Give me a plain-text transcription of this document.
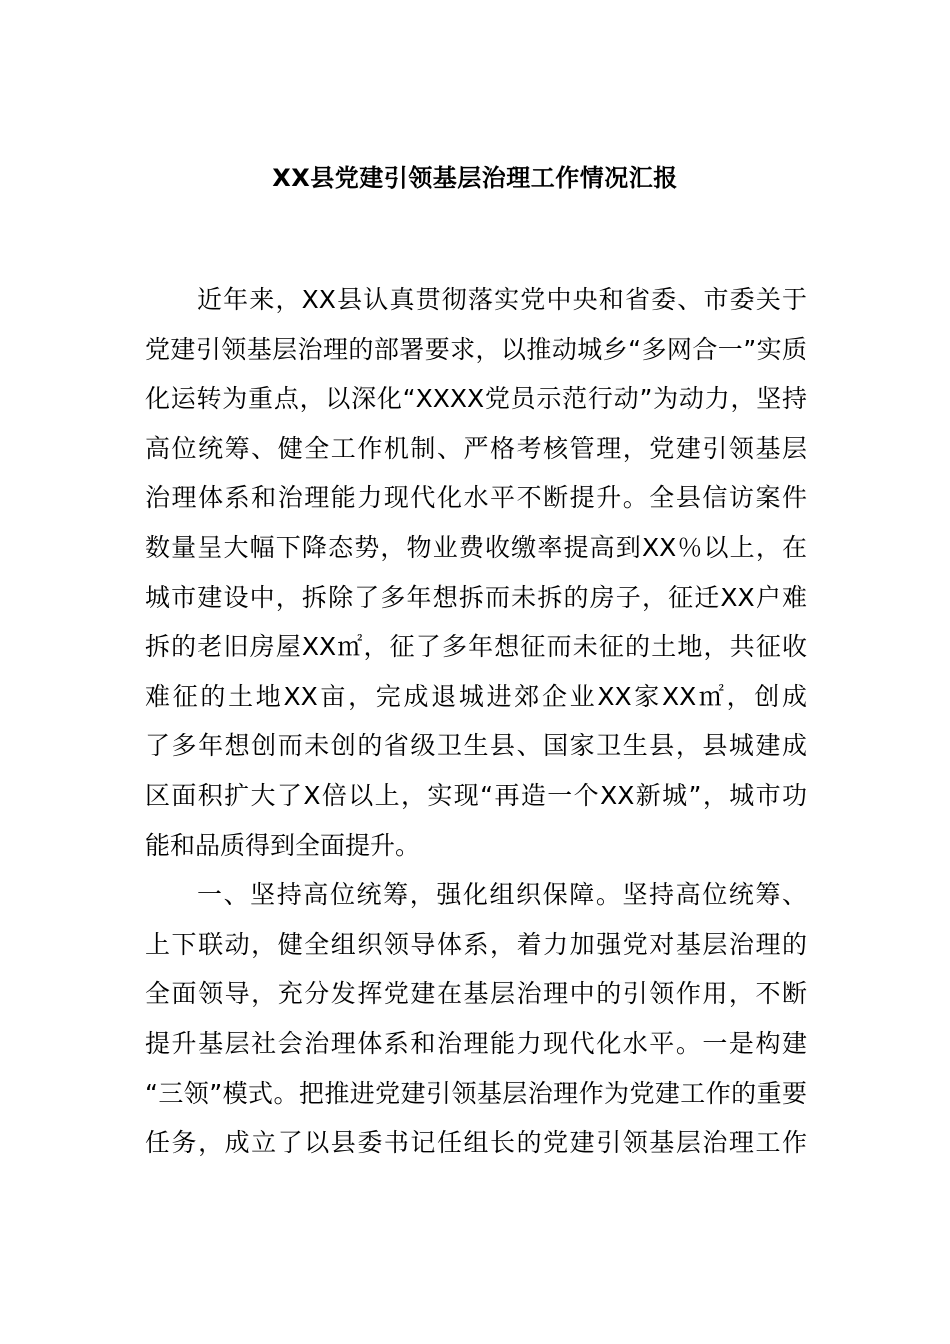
XX县党建引领基层治理工作情况汇报
近年来，XX县认真贯彻落实党中央和省委、市委关于
党建引领基层治理的部署要求，以推动城乡“多网合一”实质
化运转为重点，以深化“XXXX党员示范行动”为动力，坚持
高位统筹、健全工作机制、严格考核管理，党建引领基层
治理体系和治理能力现代化水平不断提升。全县信访案件
数量呈大幅下降态势，物业费收缴率提高到XX％以上，在
城市建设中，拆除了多年想拆而未拆的房子，征迁XX户难
拆的老旧房屋XX㎡，征了多年想征而未征的土地，共征收
难征的土地XX亩，完成退城进郊企业XX家XX㎡，创成
了多年想创而未创的省级卫生县、国家卫生县，县城建成
区面积扩大了X倍以上，实现“再造一个XX新城”，城市功
能和品质得到全面提升。
一、坚持高位统筹，强化组织保障。坚持高位统筹、
上下联动，健全组织领导体系，着力加强党对基层治理的
全面领导，充分发挥党建在基层治理中的引领作用，不断
提升基层社会治理体系和治理能力现代化水平。一是构建
“三领”模式。把推进党建引领基层治理作为党建工作的重要
任务，成立了以县委书记任组长的党建引领基层治理工作
